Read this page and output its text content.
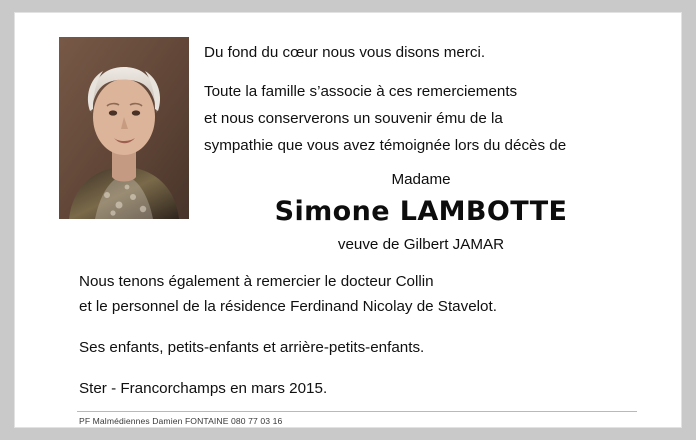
Du fond du cœur nous vous disons merci.

Toute la famille s’associe à ces remerciements

et nous conserverons un souvenir ému de la

sympathie que vous avez témoignée lors du décès de

Madame
Simone LAMBOTTE
veuve de Gilbert JAMAR

Nous tenons également à remercier le docteur Collin

et le personnel de la résidence Ferdinand Nicolay de Stavelot.

Ses enfants, petits-enfants et arrière-petits-enfants.

Ster - Francorchamps en mars 2015.

PF Malmédiennes Damien FONTAINE 080 77 03 16
